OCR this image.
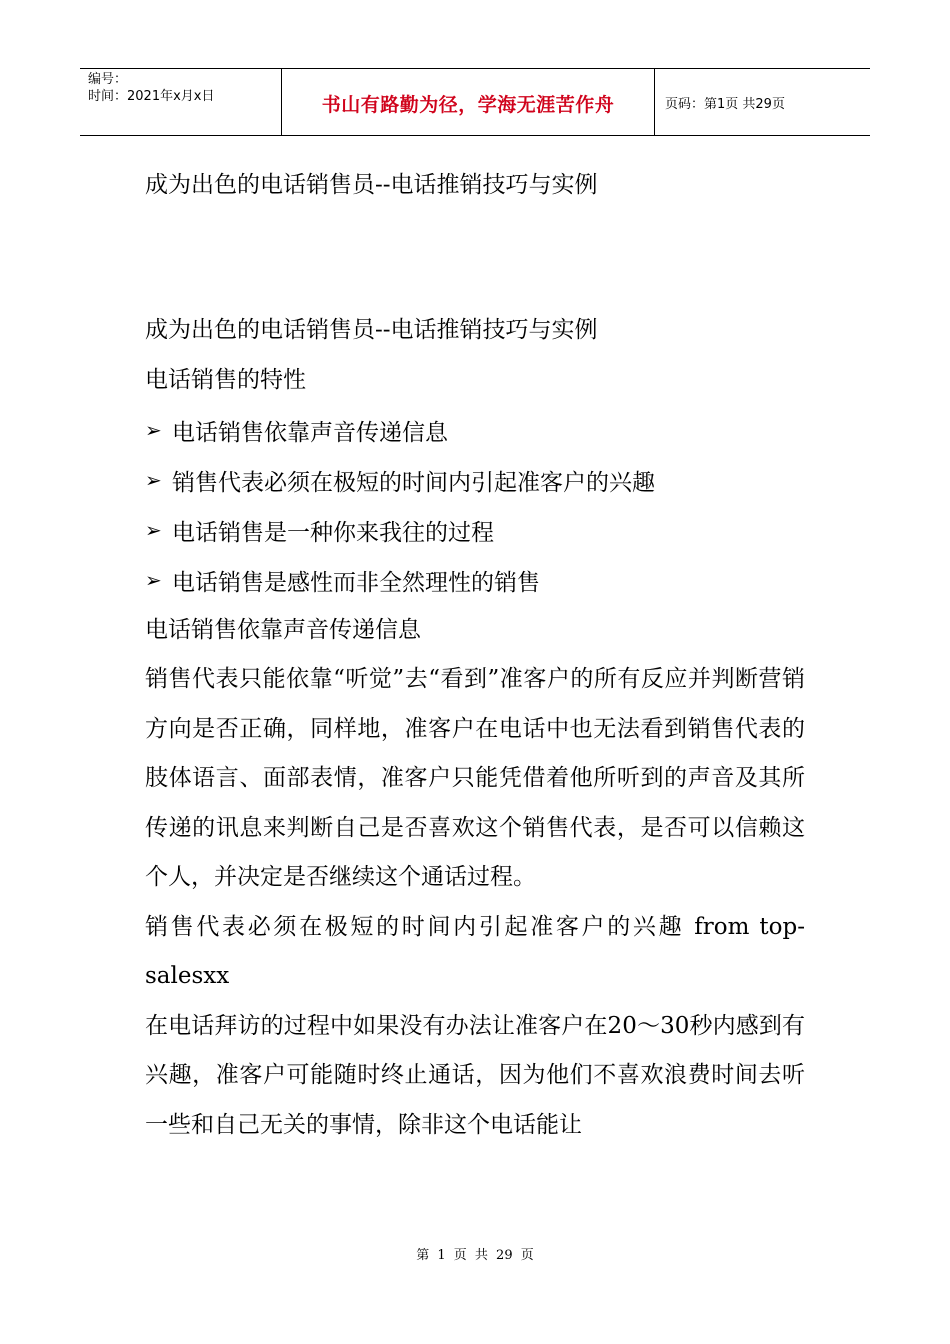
编号：
时间：2021年x月x日	书山有路勤为径，学海无涯苦作舟	页码：第1页 共29页
成为出色的电话销售员--电话推销技巧与实例
成为出色的电话销售员--电话推销技巧与实例
电话销售的特性
➢ 电话销售依靠声音传递信息
➢ 销售代表必须在极短的时间内引起准客户的兴趣
➢ 电话销售是一种你来我往的过程
➢ 电话销售是感性而非全然理性的销售
电话销售依靠声音传递信息
销售代表只能依靠“听觉”去“看到”准客户的所有反应并判断营销方向是否正确，同样地，准客户在电话中也无法看到销售代表的肢体语言、面部表情，准客户只能凭借着他所听到的声音及其所传递的讯息来判断自己是否喜欢这个销售代表，是否可以信赖这个人，并决定是否继续这个通话过程。
销售代表必须在极短的时间内引起准客户的兴趣 from top-salesxx
在电话拜访的过程中如果没有办法让准客户在20～30秒内感到有兴趣，准客户可能随时终止通话，因为他们不喜欢浪费时间去听一些和自己无关的事情，除非这个电话能让
第 1 页 共 29 页
